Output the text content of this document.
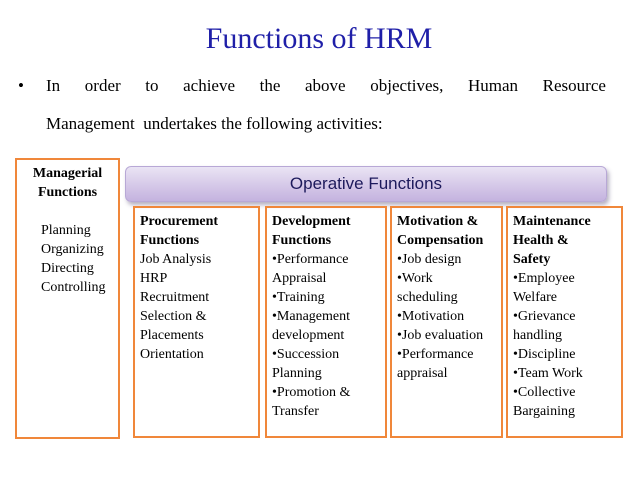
Functions of HRM
• In order to achieve the above objectives, Human Resource
Management  undertakes the following activities:
Managerial
Functions
Planning
Organizing
Directing
Controlling
Operative Functions
Procurement
Functions
Job Analysis
HRP
Recruitment
Selection &
Placements
Orientation
Development
Functions
•Performance
Appraisal
•Training
•Management
development
•Succession
Planning
•Promotion &
Transfer
Motivation &
Compensation
•Job design
•Work
scheduling
•Motivation
•Job evaluation
•Performance
appraisal
Maintenance
Health &
Safety
•Employee
Welfare
•Grievance
handling
•Discipline
•Team Work
•Collective
Bargaining
